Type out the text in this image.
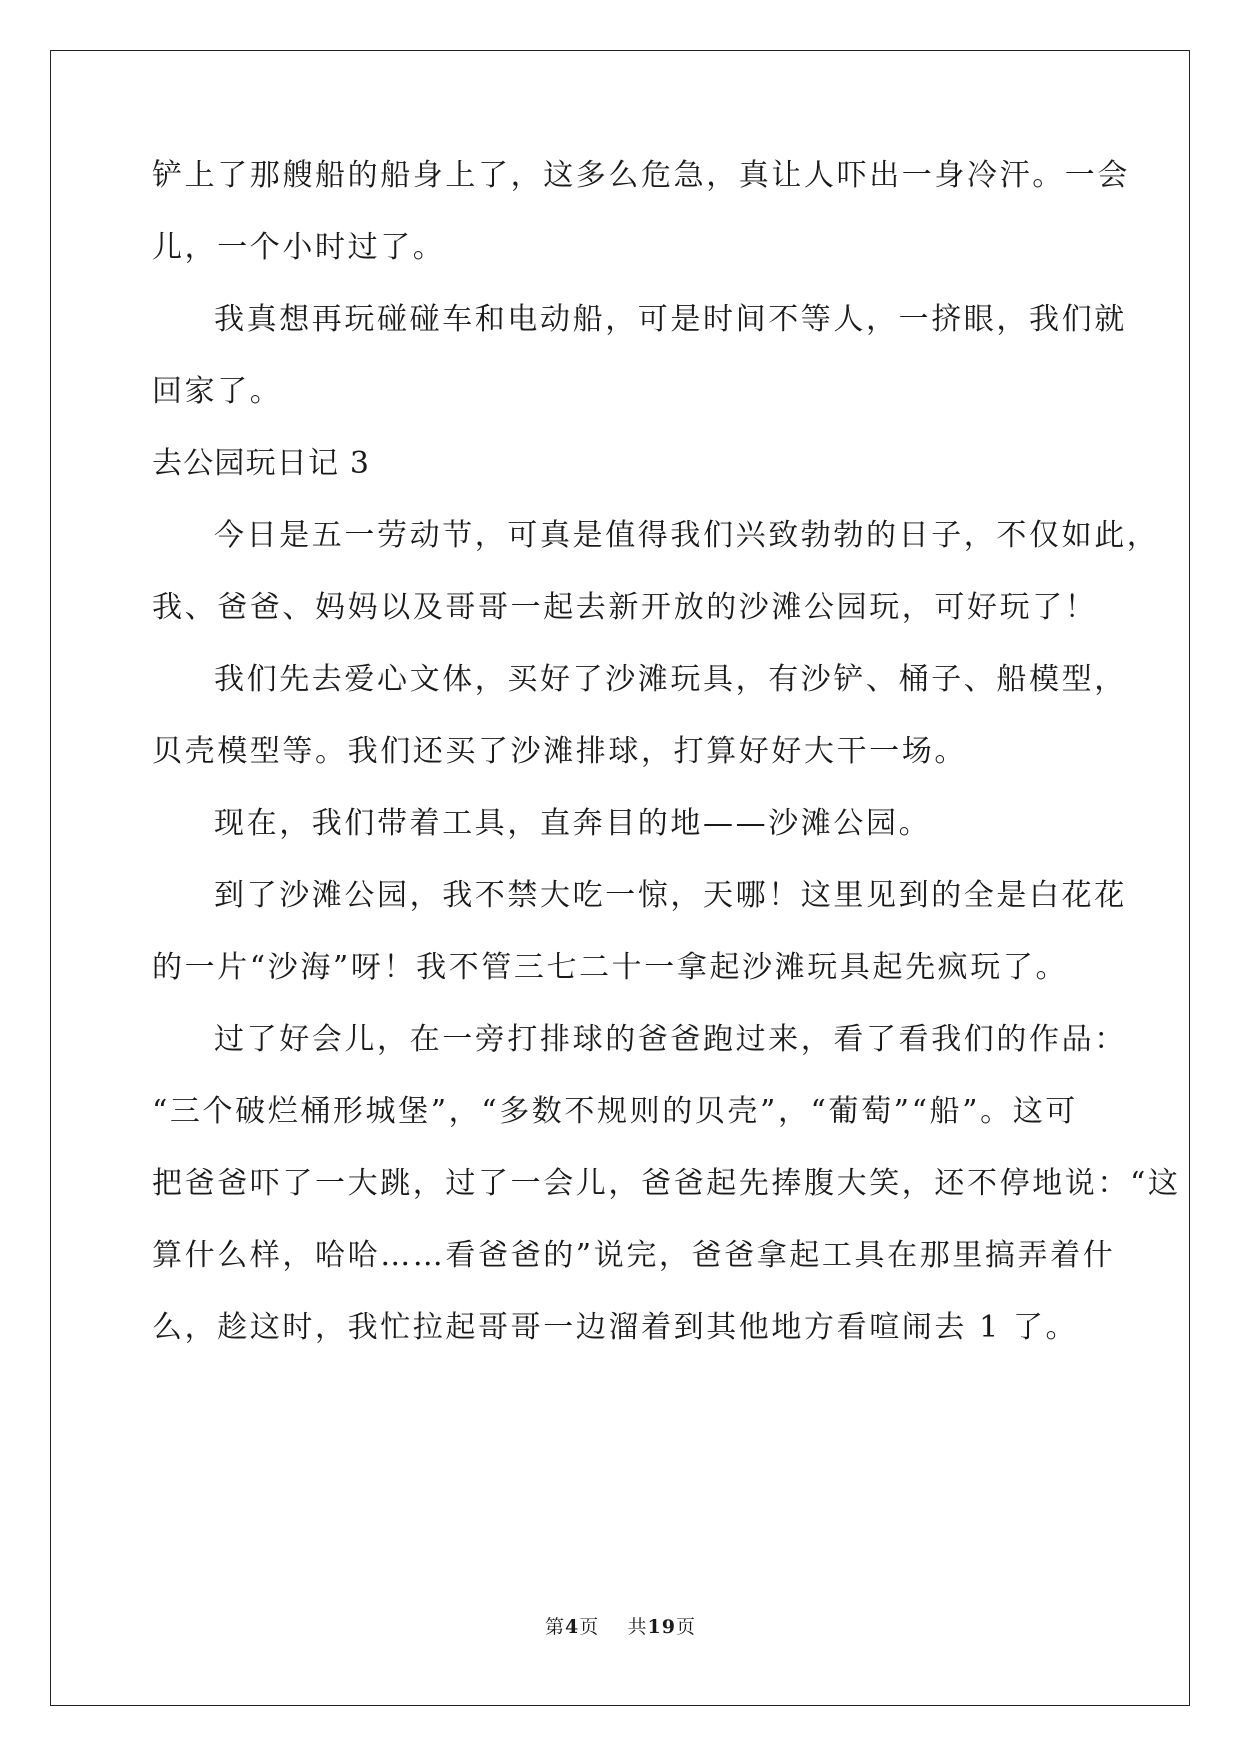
铲上了那艘船的船身上了，这多么危急，真让人吓出一身冷汗。一会
儿，一个小时过了。
我真想再玩碰碰车和电动船，可是时间不等人，一挤眼，我们就
回家了。
去公园玩日记 3
今日是五一劳动节，可真是值得我们兴致勃勃的日子，不仅如此，
我、爸爸、妈妈以及哥哥一起去新开放的沙滩公园玩，可好玩了！
我们先去爱心文体，买好了沙滩玩具，有沙铲、桶子、船模型，
贝壳模型等。我们还买了沙滩排球，打算好好大干一场。
现在，我们带着工具，直奔目的地——沙滩公园。
到了沙滩公园，我不禁大吃一惊，天哪！这里见到的全是白花花
的一片“沙海”呀！我不管三七二十一拿起沙滩玩具起先疯玩了。
过了好会儿，在一旁打排球的爸爸跑过来，看了看我们的作品：
“三个破烂桶形城堡”，“多数不规则的贝壳”，“葡萄”“船”。这可
把爸爸吓了一大跳，过了一会儿，爸爸起先捧腹大笑，还不停地说：“这
算什么样，哈哈……看爸爸的”说完，爸爸拿起工具在那里搞弄着什
么，趁这时，我忙拉起哥哥一边溜着到其他地方看喧闹去 1 了。
第4页 共19页
